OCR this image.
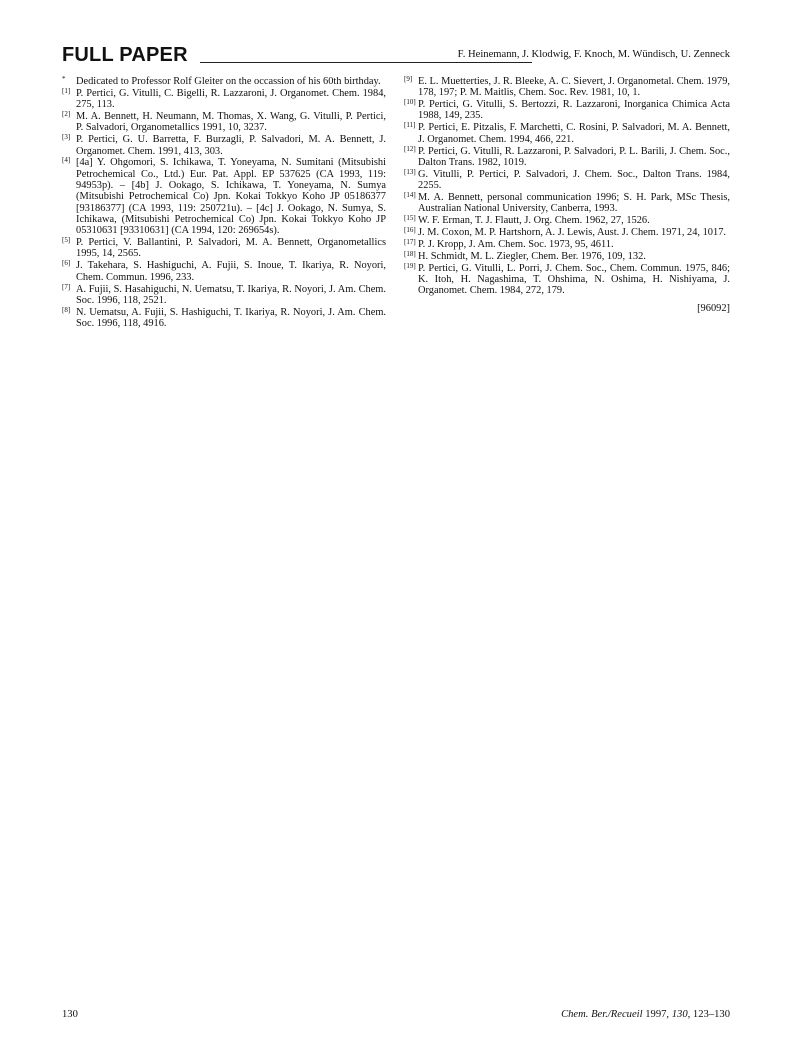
FULL PAPER	F. Heinemann, J. Klodwig, F. Knoch, M. Wündisch, U. Zenneck
* Dedicated to Professor Rolf Gleiter on the occassion of his 60th birthday.
[1] P. Pertici, G. Vitulli, C. Bigelli, R. Lazzaroni, J. Organomet. Chem. 1984, 275, 113.
[2] M. A. Bennett, H. Neumann, M. Thomas, X. Wang, G. Vitulli, P. Pertici, P. Salvadori, Organometallics 1991, 10, 3237.
[3] P. Pertici, G. U. Barretta, F. Burzagli, P. Salvadori, M. A. Bennett, J. Organomet. Chem. 1991, 413, 303.
[4] [4a] Y. Ohgomori, S. Ichikawa, T. Yoneyama, N. Sumitani (Mitsubishi Petrochemical Co., Ltd.) Eur. Pat. Appl. EP 537625 (CA 1993, 119: 94953p). – [4b] J. Ookago, S. Ichikawa, T. Yoneyama, N. Sumya (Mitsubishi Petrochemical Co) Jpn. Kokai Tokkyo Koho JP 05186377 [93186377] (CA 1993, 119: 250721u). – [4c] J. Ookago, N. Sumya, S. Ichikawa, (Mitsubishi Petrochemical Co) Jpn. Kokai Tokkyo Koho JP 05310631 [93310631] (CA 1994, 120: 269654s).
[5] P. Pertici, V. Ballantini, P. Salvadori, M. A. Bennett, Organometallics 1995, 14, 2565.
[6] J. Takehara, S. Hashiguchi, A. Fujii, S. Inoue, T. Ikariya, R. Noyori, Chem. Commun. 1996, 233.
[7] A. Fujii, S. Hasahiguchi, N. Uematsu, T. Ikariya, R. Noyori, J. Am. Chem. Soc. 1996, 118, 2521.
[8] N. Uematsu, A. Fujii, S. Hashiguchi, T. Ikariya, R. Noyori, J. Am. Chem. Soc. 1996, 118, 4916.
[9] E. L. Muetterties, J. R. Bleeke, A. C. Sievert, J. Organometal. Chem. 1979, 178, 197; P. M. Maitlis, Chem. Soc. Rev. 1981, 10, 1.
[10] P. Pertici, G. Vitulli, S. Bertozzi, R. Lazzaroni, Inorganica Chimica Acta 1988, 149, 235.
[11] P. Pertici, E. Pitzalis, F. Marchetti, C. Rosini, P. Salvadori, M. A. Bennett, J. Organomet. Chem. 1994, 466, 221.
[12] P. Pertici, G. Vitulli, R. Lazzaroni, P. Salvadori, P. L. Barili, J. Chem. Soc., Dalton Trans. 1982, 1019.
[13] G. Vitulli, P. Pertici, P. Salvadori, J. Chem. Soc., Dalton Trans. 1984, 2255.
[14] M. A. Bennett, personal communication 1996; S. H. Park, MSc Thesis, Australian National University, Canberra, 1993.
[15] W. F. Erman, T. J. Flautt, J. Org. Chem. 1962, 27, 1526.
[16] J. M. Coxon, M. P. Hartshorn, A. J. Lewis, Aust. J. Chem. 1971, 24, 1017.
[17] P. J. Kropp, J. Am. Chem. Soc. 1973, 95, 4611.
[18] H. Schmidt, M. L. Ziegler, Chem. Ber. 1976, 109, 132.
[19] P. Pertici, G. Vitulli, L. Porri, J. Chem. Soc., Chem. Commun. 1975, 846; K. Itoh, H. Nagashima, T. Ohshima, N. Oshima, H. Nishiyama, J. Organomet. Chem. 1984, 272, 179.
[96092]
130	Chem. Ber./Recueil 1997, 130, 123–130
